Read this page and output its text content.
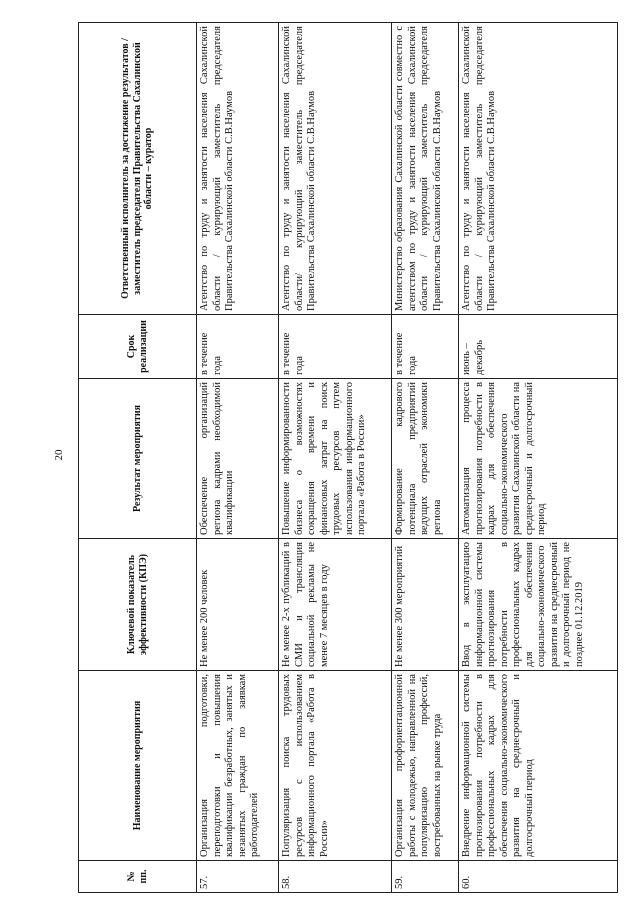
20
№ пп.	Наименование мероприятия	Ключевой показатель эффективности (КПЭ)	Результат мероприятия	Срок реализации	Ответственный исполнитель за достижение результатов / заместитель председателя Правительства Сахалинской области – куратор
57.	Организация подготовки, переподготовки и повышения квалификации безработных, занятых и незанятых граждан по заявкам работодателей	Не менее 200 человек	Обеспечение организаций региона кадрами необходимой квалификации	в течение года	Агентство по труду и занятости населения Сахалинской области / курирующий заместитель председателя Правительства Сахалинской области С.В.Наумов
58.	Популяризация поиска трудовых ресурсов с использованием информационного портала «Работа в России»	Не менее 2-х публикаций в СМИ и трансляция социальной рекламы не менее 7 месяцев в году	Повышение информированности бизнеса о возможностях сокращения времени и финансовых затрат на поиск трудовых ресурсов путем использования информационного портала «Работа в России»	в течение года	Агентство по труду и занятости населения Сахалинской области/ курирующий заместитель председателя Правительства Сахалинской области С.В.Наумов
59.	Организация профориентационной работы с молодежью, направленной на популяризацию профессий, востребованных на рынке труда	Не менее 300 мероприятий	Формирование кадрового потенциала предприятий ведущих отраслей экономики региона	в течение года	Министерство образования Сахалинской области совместно с агентством по труду и занятости населения Сахалинской области / курирующий заместитель председателя Правительства Сахалинской области С.В.Наумов
60.	Внедрение информационной системы прогнозирования потребности в профессиональных кадрах для обеспечения социально-экономического развития на среднесрочный и долгосрочный период	Ввод в эксплуатацию информационной системы прогнозирования потребности в профессиональных кадрах для обеспечения социально-экономического развития на среднесрочный и долгосрочный период не позднее 01.12.2019	Автоматизация процесса прогнозирования потребности в кадрах для обеспечения социально-экономического развития Сахалинской области на среднесрочный и долгосрочный период	июнь – декабрь	Агентство по труду и занятости населения Сахалинской области / курирующий заместитель председателя Правительства Сахалинской области С.В.Наумов
